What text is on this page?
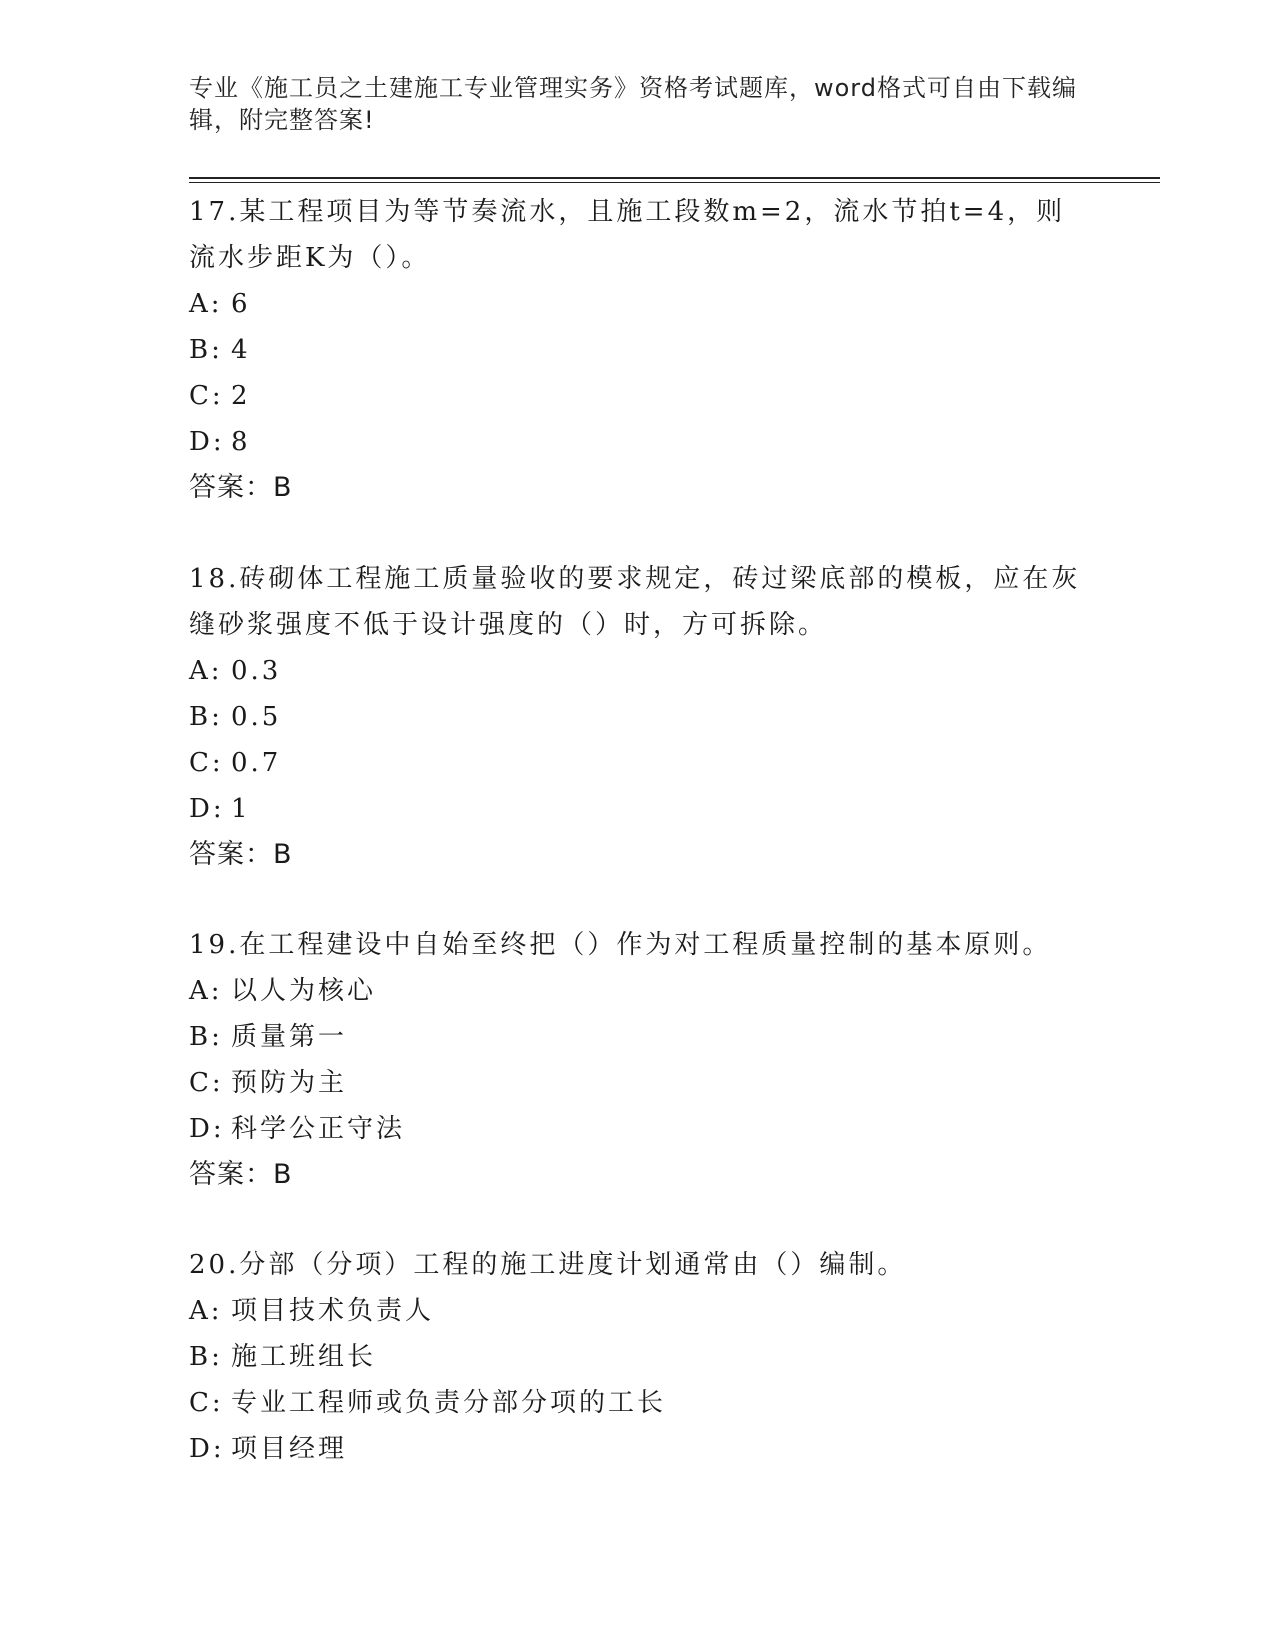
专业《施工员之土建施工专业管理实务》资格考试题库，word格式可自由下载编辑，附完整答案!

17.某工程项目为等节奏流水，且施工段数m=2，流水节拍t=4，则流水步距K为（）。

A: 6
B: 4
C: 2
D: 8
答案：B

18.砖砌体工程施工质量验收的要求规定，砖过梁底部的模板，应在灰缝砂浆强度不低于设计强度的（）时，方可拆除。

A: 0.3
B: 0.5
C: 0.7
D: 1
答案：B

19.在工程建设中自始至终把（）作为对工程质量控制的基本原则。

A: 以人为核心
B: 质量第一
C: 预防为主
D: 科学公正守法
答案：B

20.分部（分项）工程的施工进度计划通常由（）编制。

A: 项目技术负责人
B: 施工班组长
C: 专业工程师或负责分部分项的工长
D: 项目经理
